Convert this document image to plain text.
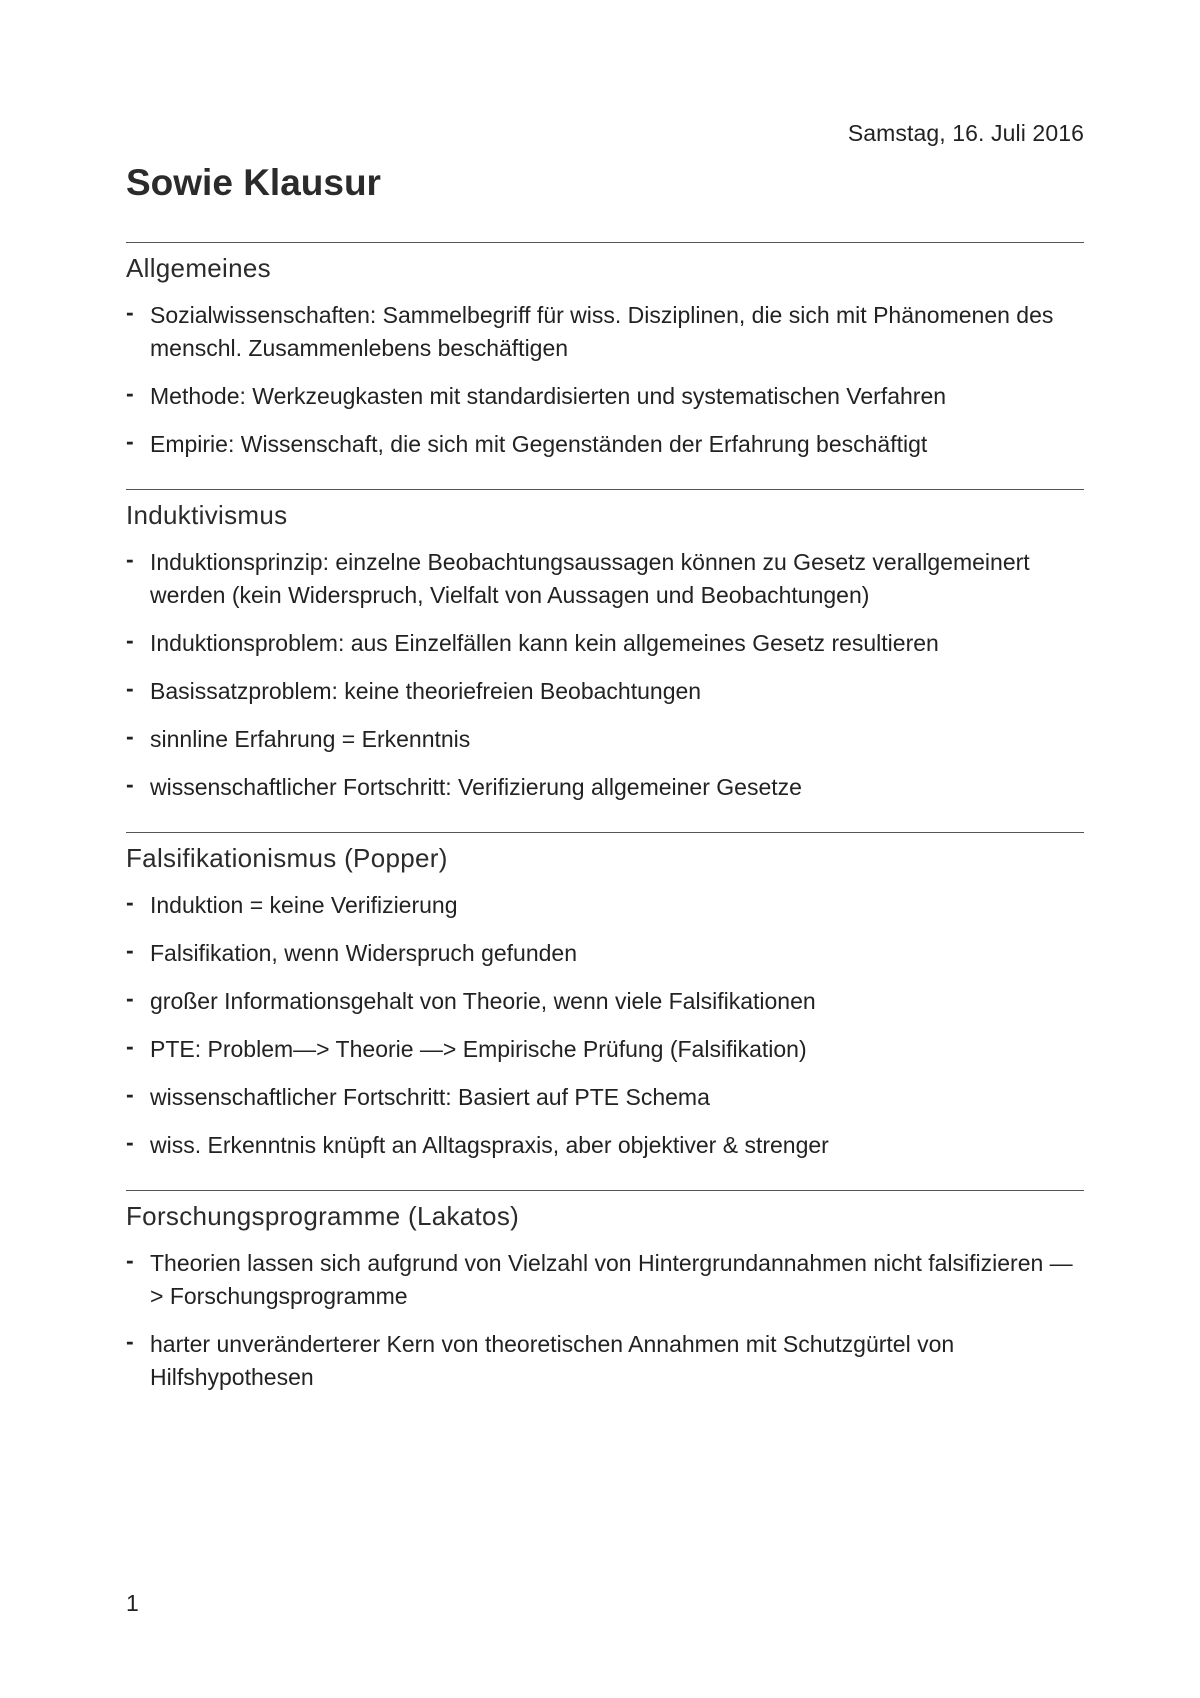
Samstag, 16. Juli 2016
Sowie Klausur
Allgemeines
- Sozialwissenschaften: Sammelbegriff für wiss. Disziplinen, die sich mit Phänomenen des menschl. Zusammenlebens beschäftigen
- Methode: Werkzeugkasten mit standardisierten und systematischen Verfahren
- Empirie: Wissenschaft, die sich mit Gegenständen der Erfahrung beschäftigt
Induktivismus
- Induktionsprinzip: einzelne Beobachtungsaussagen können zu Gesetz verallgemeinert werden (kein Widerspruch, Vielfalt von Aussagen und Beobachtungen)
- Induktionsproblem: aus Einzelfällen kann kein allgemeines Gesetz resultieren
- Basissatzproblem: keine theoriefreien Beobachtungen
- sinnline Erfahrung = Erkenntnis
- wissenschaftlicher Fortschritt: Verifizierung allgemeiner Gesetze
Falsifikationismus (Popper)
- Induktion = keine Verifizierung
- Falsifikation, wenn Widerspruch gefunden
- großer Informationsgehalt von Theorie, wenn viele Falsifikationen
- PTE: Problem—> Theorie —> Empirische Prüfung (Falsifikation)
- wissenschaftlicher Fortschritt: Basiert auf PTE Schema
- wiss. Erkenntnis knüpft an Alltagspraxis, aber objektiver & strenger
Forschungsprogramme (Lakatos)
- Theorien lassen sich aufgrund von Vielzahl von Hintergrundannahmen nicht falsifizieren —> Forschungsprogramme
- harter unveränderterer Kern von theoretischen Annahmen mit Schutzgürtel von Hilfshypothesen
1
